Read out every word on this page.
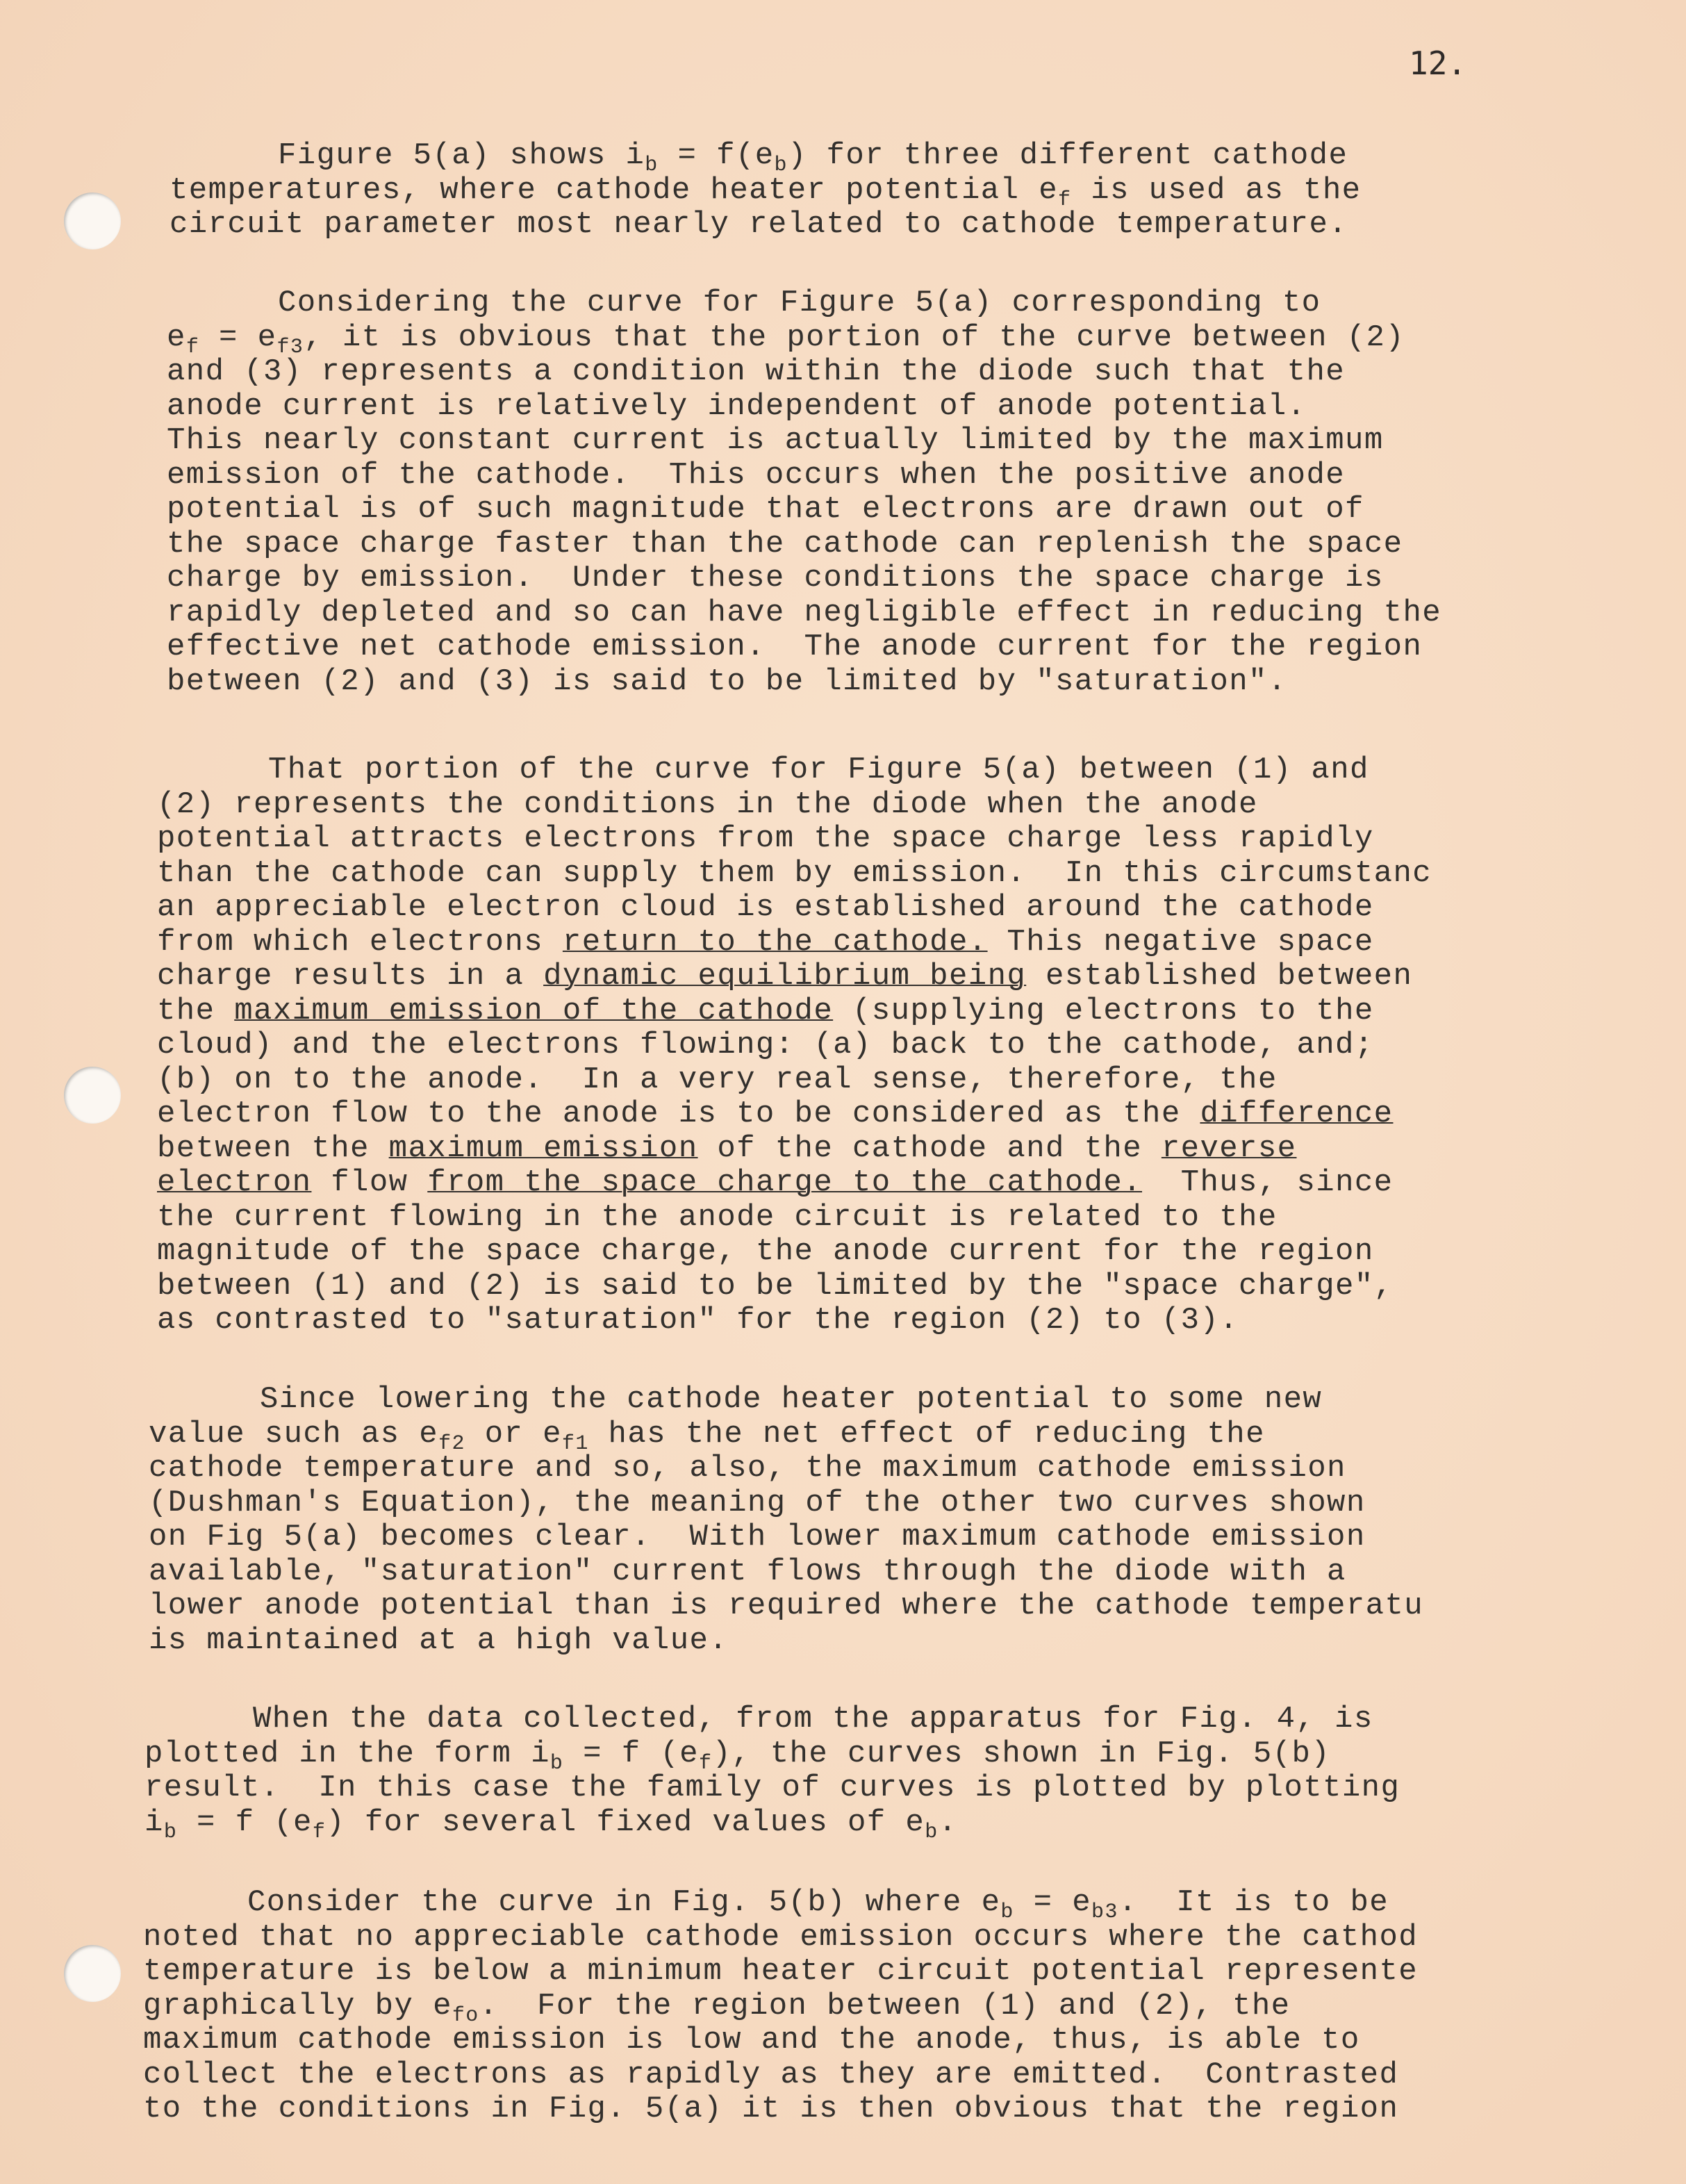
12.
Figure 5(a) shows $i_b = f(e_b)$ for three different cathode
temperatures, where cathode heater potential $e_f$ is used as the
circuit parameter most nearly related to cathode temperature.
Considering the curve for Figure 5(a) corresponding to
$e_f = e_{f3}$, it is obvious that the portion of the curve between (2)
and (3) represents a condition within the diode such that the
anode current is relatively independent of anode potential.
This nearly constant current is actually limited by the maximum
emission of the cathode.  This occurs when the positive anode
potential is of such magnitude that electrons are drawn out of
the space charge faster than the cathode can replenish the space
charge by emission.  Under these conditions the space charge is
rapidly depleted and so can have negligible effect in reducing the
effective net cathode emission.  The anode current for the region
between (2) and (3) is said to be limited by "saturation".
That portion of the curve for Figure 5(a) between (1) and
(2) represents the conditions in the diode when the anode
potential attracts electrons from the space charge less rapidly
than the cathode can supply them by emission.  In this circumstanc
an appreciable electron cloud is established around the cathode
from which electrons return to the cathode. This negative space
charge results in a dynamic equilibrium being established between
the maximum emission of the cathode (supplying electrons to the
cloud) and the electrons flowing: (a) back to the cathode, and;
(b) on to the anode.  In a very real sense, therefore, the
electron flow to the anode is to be considered as the difference
between the maximum emission of the cathode and the reverse
electron flow from the space charge to the cathode.  Thus, since
the current flowing in the anode circuit is related to the
magnitude of the space charge, the anode current for the region
between (1) and (2) is said to be limited by the "space charge",
as contrasted to "saturation" for the region (2) to (3).
Since lowering the cathode heater potential to some new
value such as $e_{f2}$ or $e_{f1}$ has the net effect of reducing the
cathode temperature and so, also, the maximum cathode emission
(Dushman's Equation), the meaning of the other two curves shown
on Fig 5(a) becomes clear.  With lower maximum cathode emission
available, "saturation" current flows through the diode with a
lower anode potential than is required where the cathode temperatu
is maintained at a high value.
When the data collected, from the apparatus for Fig. 4, is
plotted in the form $i_b = f$ $(e_f)$, the curves shown in Fig. 5(b)
result.  In this case the family of curves is plotted by plotting
$i_b = f$ $(e_f)$ for several fixed values of $e_b$.
Consider the curve in Fig. 5(b) where $e_b = e_{b3}$.  It is to be
noted that no appreciable cathode emission occurs where the cathod
temperature is below a minimum heater circuit potential represente
graphically by $e_{fo}$.  For the region between (1) and (2), the
maximum cathode emission is low and the anode, thus, is able to
collect the electrons as rapidly as they are emitted.  Contrasted
to the conditions in Fig. 5(a) it is then obvious that the region
